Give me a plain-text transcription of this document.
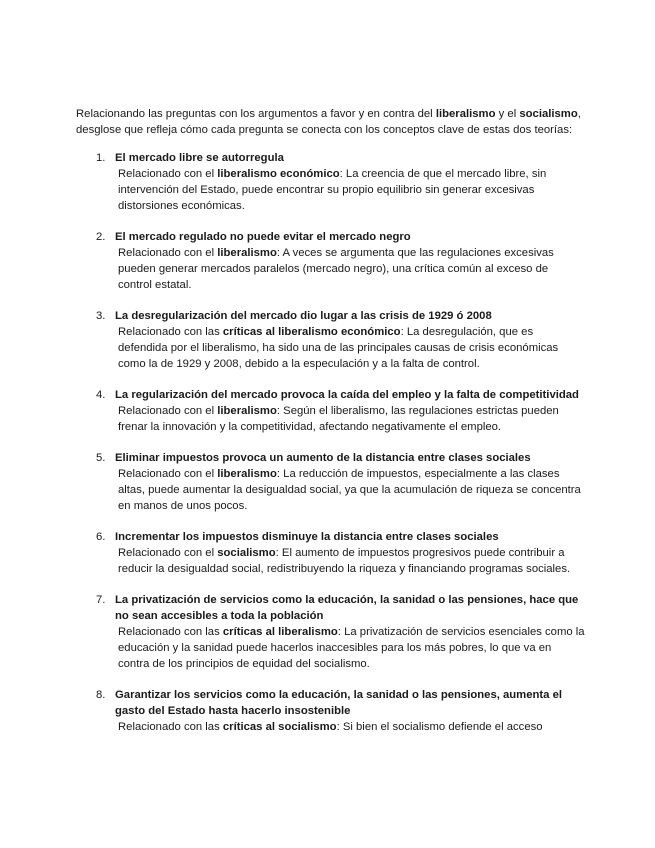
Relacionando las preguntas con los argumentos a favor y en contra del liberalismo y el socialismo, desglose que refleja cómo cada pregunta se conecta con los conceptos clave de estas dos teorías:

1. El mercado libre se autorregula
Relacionado con el liberalismo económico: La creencia de que el mercado libre, sin intervención del Estado, puede encontrar su propio equilibrio sin generar excesivas distorsiones económicas.
2. El mercado regulado no puede evitar el mercado negro
Relacionado con el liberalismo: A veces se argumenta que las regulaciones excesivas pueden generar mercados paralelos (mercado negro), una crítica común al exceso de control estatal.
3. La desregularización del mercado dio lugar a las crisis de 1929 ó 2008
Relacionado con las críticas al liberalismo económico: La desregulación, que es defendida por el liberalismo, ha sido una de las principales causas de crisis económicas como la de 1929 y 2008, debido a la especulación y a la falta de control.
4. La regularización del mercado provoca la caída del empleo y la falta de competitividad
Relacionado con el liberalismo: Según el liberalismo, las regulaciones estrictas pueden frenar la innovación y la competitividad, afectando negativamente el empleo.
5. Eliminar impuestos provoca un aumento de la distancia entre clases sociales
Relacionado con el liberalismo: La reducción de impuestos, especialmente a las clases altas, puede aumentar la desigualdad social, ya que la acumulación de riqueza se concentra en manos de unos pocos.
6. Incrementar los impuestos disminuye la distancia entre clases sociales
Relacionado con el socialismo: El aumento de impuestos progresivos puede contribuir a reducir la desigualdad social, redistribuyendo la riqueza y financiando programas sociales.
7. La privatización de servicios como la educación, la sanidad o las pensiones, hace que no sean accesibles a toda la población
Relacionado con las críticas al liberalismo: La privatización de servicios esenciales como la educación y la sanidad puede hacerlos inaccesibles para los más pobres, lo que va en contra de los principios de equidad del socialismo.
8. Garantizar los servicios como la educación, la sanidad o las pensiones, aumenta el gasto del Estado hasta hacerlo insostenible
Relacionado con las críticas al socialismo: Si bien el socialismo defiende el acceso
